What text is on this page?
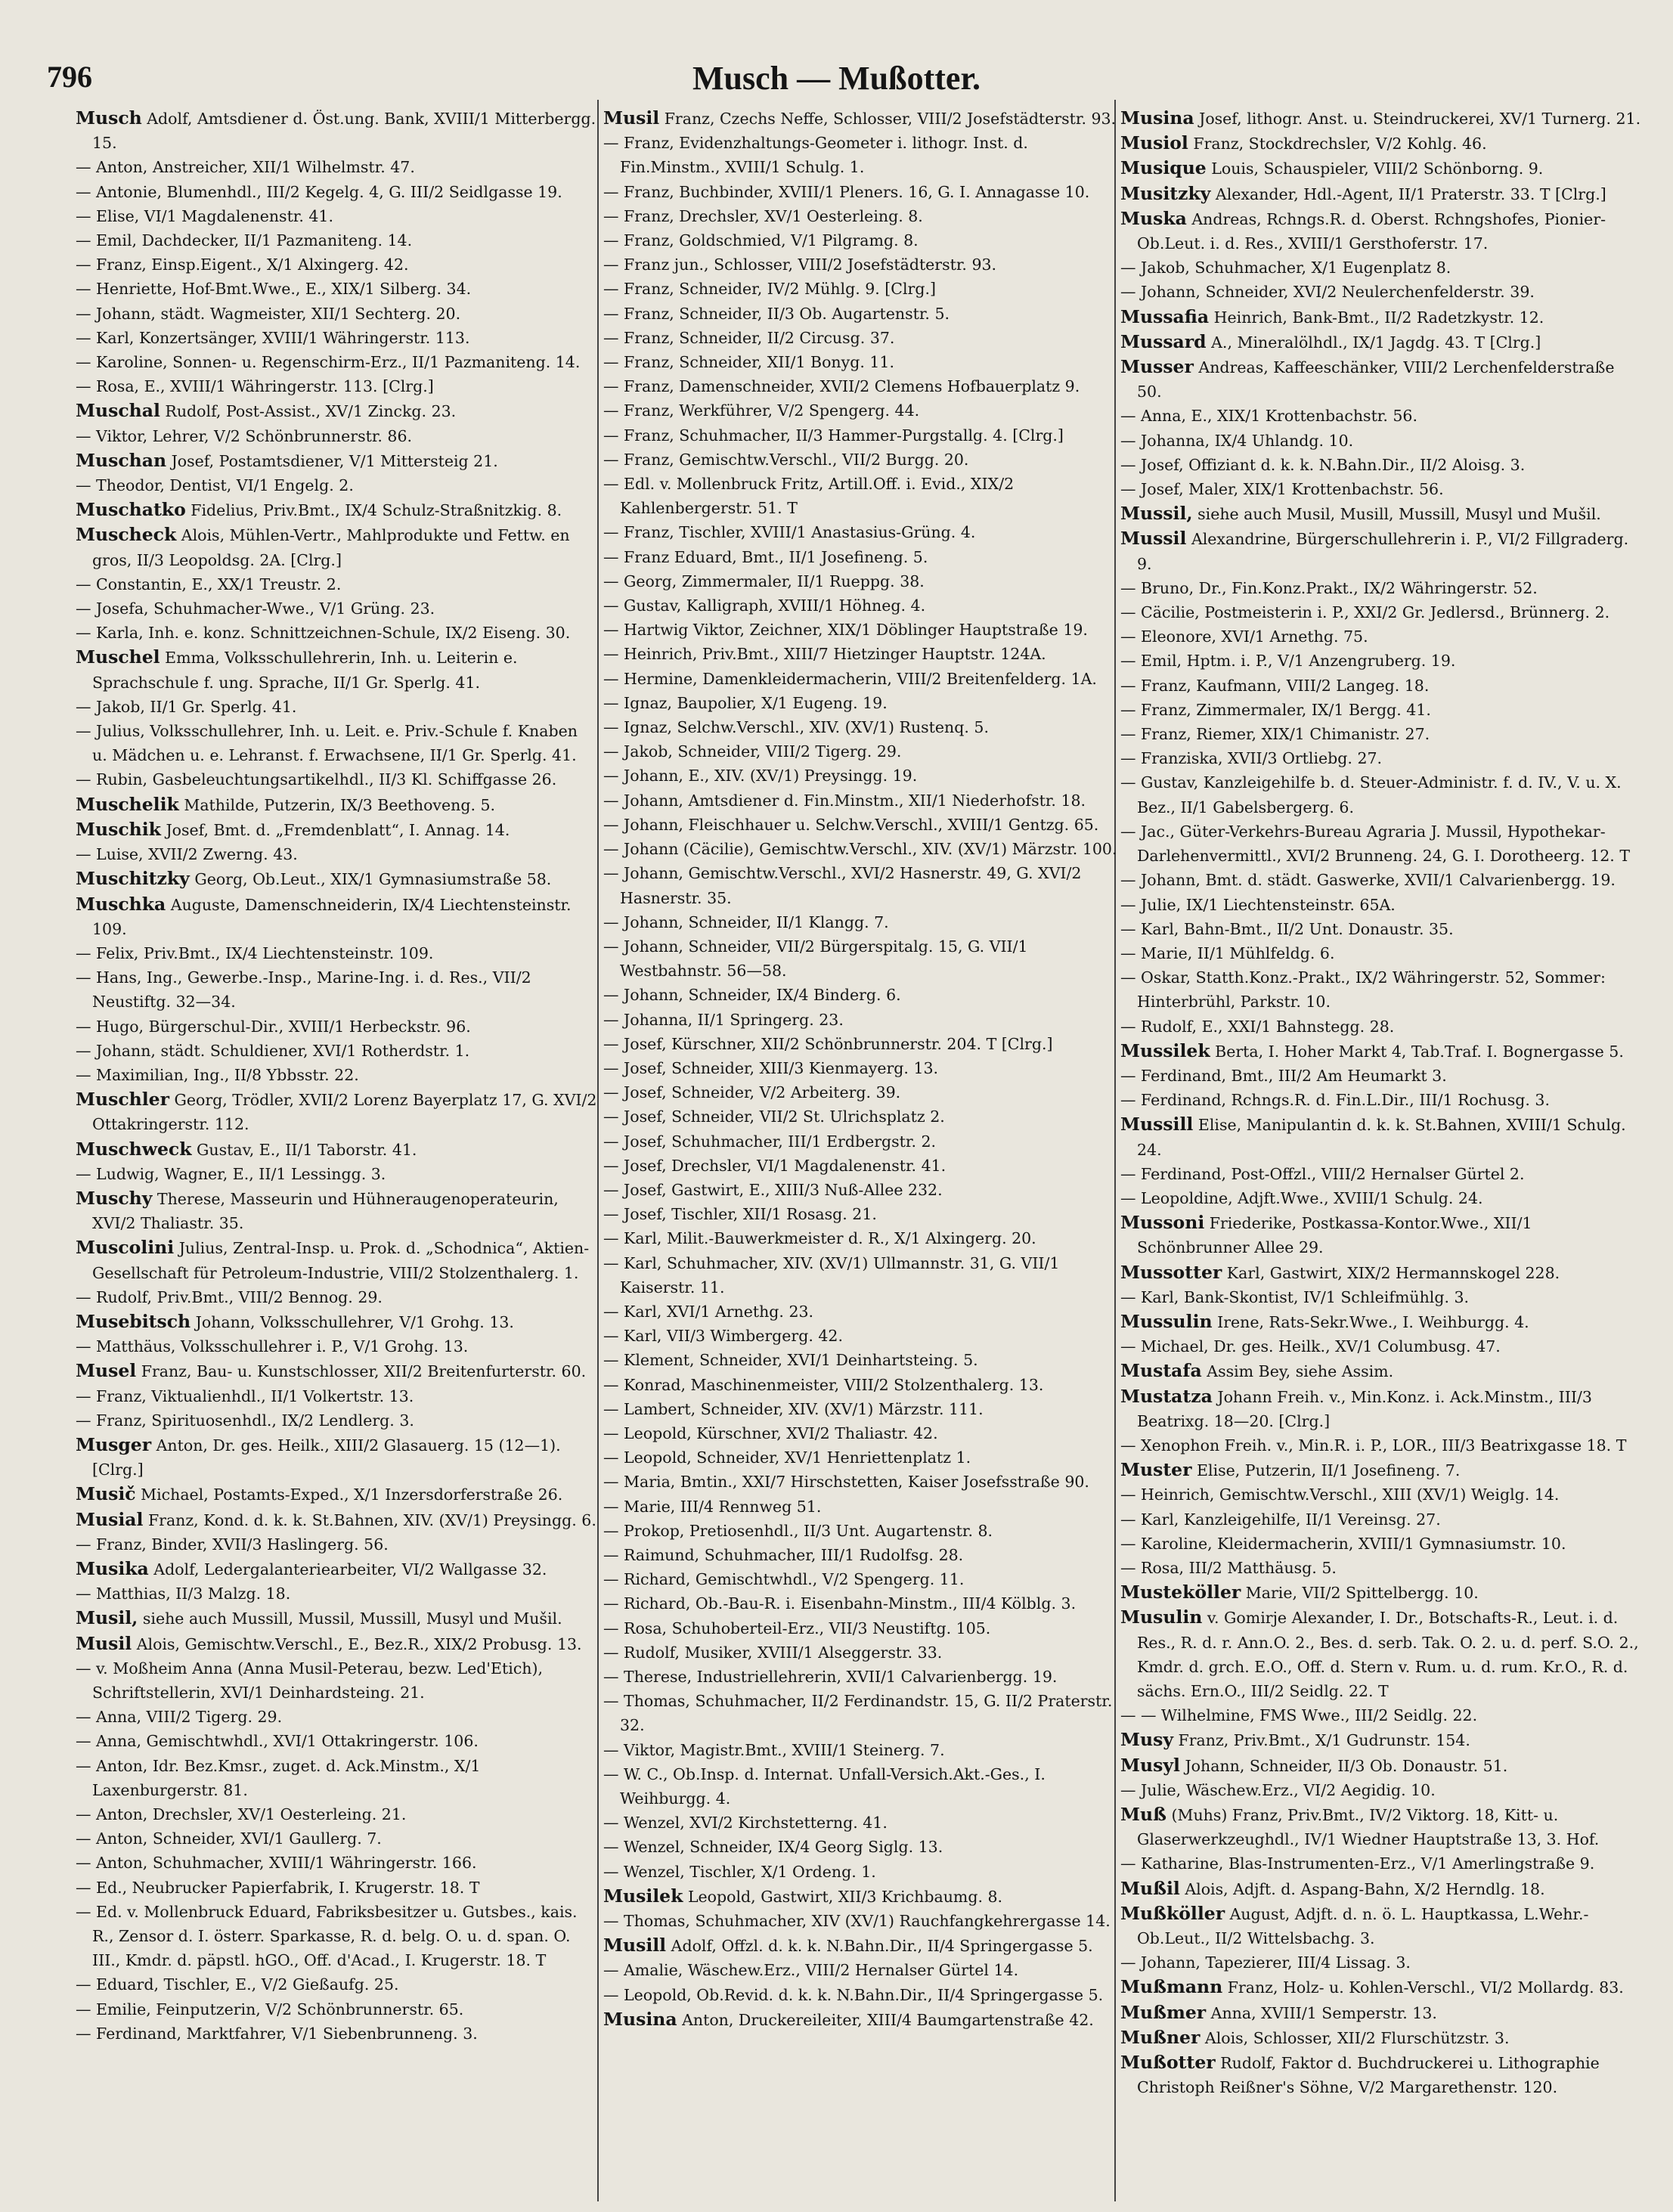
796	Musch — Mußotter.

Musch Adolf, Amtsdiener d. Öst.ung. Bank, XVIII/1 Mitterbergg. 15.

— Anton, Anstreicher, XII/1 Wilhelmstr. 47.

— Antonie, Blumenhdl., III/2 Kegelg. 4, G. III/2 Seidlgasse 19.

— Elise, VI/1 Magdalenenstr. 41.

— Emil, Dachdecker, II/1 Pazmaniteng. 14.

— Franz, Einsp.Eigent., X/1 Alxingerg. 42.

— Henriette, Hof-Bmt.Wwe., E., XIX/1 Silberg. 34.

— Johann, städt. Wagmeister, XII/1 Sechterg. 20.

— Karl, Konzertsänger, XVIII/1 Währingerstr. 113.

— Karoline, Sonnen- u. Regenschirm-Erz., II/1 Pazmaniteng. 14.

— Rosa, E., XVIII/1 Währingerstr. 113. [Clrg.]

Muschal Rudolf, Post-Assist., XV/1 Zinckg. 23.

— Viktor, Lehrer, V/2 Schönbrunnerstr. 86.

Muschan Josef, Postamtsdiener, V/1 Mittersteig 21.

— Theodor, Dentist, VI/1 Engelg. 2.

Muschatko Fidelius, Priv.Bmt., IX/4 Schulz-Straßnitzkig. 8.

Muscheck Alois, Mühlen-Vertr., Mahlprodukte und Fettw. en gros, II/3 Leopoldsg. 2A. [Clrg.]

— Constantin, E., XX/1 Treustr. 2.

— Josefa, Schuhmacher-Wwe., V/1 Grüng. 23.

— Karla, Inh. e. konz. Schnittzeichnen-Schule, IX/2 Eiseng. 30.

Muschel Emma, Volksschullehrerin, Inh. u. Leiterin e. Sprachschule f. ung. Sprache, II/1 Gr. Sperlg. 41.

— Jakob, II/1 Gr. Sperlg. 41.

— Julius, Volksschullehrer, Inh. u. Leit. e. Priv.-Schule f. Knaben u. Mädchen u. e. Lehranst. f. Erwachsene, II/1 Gr. Sperlg. 41.

— Rubin, Gasbeleuchtungsartikelhdl., II/3 Kl. Schiffgasse 26.

Muschelik Mathilde, Putzerin, IX/3 Beethoveng. 5.

Muschik Josef, Bmt. d. „Fremdenblatt“, I. Annag. 14.

— Luise, XVII/2 Zwerng. 43.

Muschitzky Georg, Ob.Leut., XIX/1 Gymnasiumstraße 58.

Muschka Auguste, Damenschneiderin, IX/4 Liechtensteinstr. 109.

— Felix, Priv.Bmt., IX/4 Liechtensteinstr. 109.

— Hans, Ing., Gewerbe.-Insp., Marine-Ing. i. d. Res., VII/2 Neustiftg. 32—34.

— Hugo, Bürgerschul-Dir., XVIII/1 Herbeckstr. 96.

— Johann, städt. Schuldiener, XVI/1 Rotherdstr. 1.

— Maximilian, Ing., II/8 Ybbsstr. 22.

Muschler Georg, Trödler, XVII/2 Lorenz Bayerplatz 17, G. XVI/2 Ottakringerstr. 112.

Muschweck Gustav, E., II/1 Taborstr. 41.

— Ludwig, Wagner, E., II/1 Lessingg. 3.

Muschy Therese, Masseurin und Hühneraugenoperateurin, XVI/2 Thaliastr. 35.

Muscolini Julius, Zentral-Insp. u. Prok. d. „Schodnica“, Aktien-Gesellschaft für Petroleum-Industrie, VIII/2 Stolzenthalerg. 1.

— Rudolf, Priv.Bmt., VIII/2 Bennog. 29.

Musebitsch Johann, Volksschullehrer, V/1 Grohg. 13.

— Matthäus, Volksschullehrer i. P., V/1 Grohg. 13.

Musel Franz, Bau- u. Kunstschlosser, XII/2 Breitenfurterstr. 60.

— Franz, Viktualienhdl., II/1 Volkertstr. 13.

— Franz, Spirituosenhdl., IX/2 Lendlerg. 3.

Musger Anton, Dr. ges. Heilk., XIII/2 Glasauerg. 15 (12—1). [Clrg.]

Musič Michael, Postamts-Exped., X/1 Inzersdorferstraße 26.

Musial Franz, Kond. d. k. k. St.Bahnen, XIV. (XV/1) Preysingg. 6.

— Franz, Binder, XVII/3 Haslingerg. 56.

Musika Adolf, Ledergalanteriearbeiter, VI/2 Wallgasse 32.

— Matthias, II/3 Malzg. 18.

Musil, siehe auch Mussill, Mussil, Mussill, Musyl und Mušil.

Musil Alois, Gemischtw.Verschl., E., Bez.R., XIX/2 Probusg. 13.

— v. Moßheim Anna (Anna Musil-Peterau, bezw. Led'Etich), Schriftstellerin, XVI/1 Deinhardsteing. 21.

— Anna, VIII/2 Tigerg. 29.

— Anna, Gemischtwhdl., XVI/1 Ottakringerstr. 106.

— Anton, Idr. Bez.Kmsr., zuget. d. Ack.Minstm., X/1 Laxenburgerstr. 81.

— Anton, Drechsler, XV/1 Oesterleing. 21.

— Anton, Schneider, XVI/1 Gaullerg. 7.

— Anton, Schuhmacher, XVIII/1 Währingerstr. 166.

— Ed., Neubrucker Papierfabrik, I. Krugerstr. 18. T

— Ed. v. Mollenbruck Eduard, Fabriksbesitzer u. Gutsbes., kais. R., Zensor d. I. österr. Sparkasse, R. d. belg. O. u. d. span. O. III., Kmdr. d. päpstl. hGO., Off. d'Acad., I. Krugerstr. 18. T

— Eduard, Tischler, E., V/2 Gießaufg. 25.

— Emilie, Feinputzerin, V/2 Schönbrunnerstr. 65.

— Ferdinand, Marktfahrer, V/1 Siebenbrunneng. 3.

Musil Franz, Czechs Neffe, Schlosser, VIII/2 Josefstädterstr. 93.

— Franz, Evidenzhaltungs-Geometer i. lithogr. Inst. d. Fin.Minstm., XVIII/1 Schulg. 1.

— Franz, Buchbinder, XVIII/1 Pleners. 16, G. I. Annagasse 10.

— Franz, Drechsler, XV/1 Oesterleing. 8.

— Franz, Goldschmied, V/1 Pilgramg. 8.

— Franz jun., Schlosser, VIII/2 Josefstädterstr. 93.

— Franz, Schneider, IV/2 Mühlg. 9. [Clrg.]

— Franz, Schneider, II/3 Ob. Augartenstr. 5.

— Franz, Schneider, II/2 Circusg. 37.

— Franz, Schneider, XII/1 Bonyg. 11.

— Franz, Damenschneider, XVII/2 Clemens Hofbauerplatz 9.

— Franz, Werkführer, V/2 Spengerg. 44.

— Franz, Schuhmacher, II/3 Hammer-Purgstallg. 4. [Clrg.]

— Franz, Gemischtw.Verschl., VII/2 Burgg. 20.

— Edl. v. Mollenbruck Fritz, Artill.Off. i. Evid., XIX/2 Kahlenbergerstr. 51. T

— Franz, Tischler, XVIII/1 Anastasius-Grüng. 4.

— Franz Eduard, Bmt., II/1 Josefineng. 5.

— Georg, Zimmermaler, II/1 Rueppg. 38.

— Gustav, Kalligraph, XVIII/1 Höhneg. 4.

— Hartwig Viktor, Zeichner, XIX/1 Döblinger Hauptstraße 19.

— Heinrich, Priv.Bmt., XIII/7 Hietzinger Hauptstr. 124A.

— Hermine, Damenkleidermacherin, VIII/2 Breitenfelderg. 1A.

— Ignaz, Baupolier, X/1 Eugeng. 19.

— Ignaz, Selchw.Verschl., XIV. (XV/1) Rustenq. 5.

— Jakob, Schneider, VIII/2 Tigerg. 29.

— Johann, E., XIV. (XV/1) Preysingg. 19.

— Johann, Amtsdiener d. Fin.Minstm., XII/1 Niederhofstr. 18.

— Johann, Fleischhauer u. Selchw.Verschl., XVIII/1 Gentzg. 65.

— Johann (Cäcilie), Gemischtw.Verschl., XIV. (XV/1) Märzstr. 100.

— Johann, Gemischtw.Verschl., XVI/2 Hasnerstr. 49, G. XVI/2 Hasnerstr. 35.

— Johann, Schneider, II/1 Klangg. 7.

— Johann, Schneider, VII/2 Bürgerspitalg. 15, G. VII/1 Westbahnstr. 56—58.

— Johann, Schneider, IX/4 Binderg. 6.

— Johanna, II/1 Springerg. 23.

— Josef, Kürschner, XII/2 Schönbrunnerstr. 204. T [Clrg.]

— Josef, Schneider, XIII/3 Kienmayerg. 13.

— Josef, Schneider, V/2 Arbeiterg. 39.

— Josef, Schneider, VII/2 St. Ulrichsplatz 2.

— Josef, Schuhmacher, III/1 Erdbergstr. 2.

— Josef, Drechsler, VI/1 Magdalenenstr. 41.

— Josef, Gastwirt, E., XIII/3 Nuß-Allee 232.

— Josef, Tischler, XII/1 Rosasg. 21.

— Karl, Milit.-Bauwerkmeister d. R., X/1 Alxingerg. 20.

— Karl, Schuhmacher, XIV. (XV/1) Ullmannstr. 31, G. VII/1 Kaiserstr. 11.

— Karl, XVI/1 Arnethg. 23.

— Karl, VII/3 Wimbergerg. 42.

— Klement, Schneider, XVI/1 Deinhartsteing. 5.

— Konrad, Maschinenmeister, VIII/2 Stolzenthalerg. 13.

— Lambert, Schneider, XIV. (XV/1) Märzstr. 111.

— Leopold, Kürschner, XVI/2 Thaliastr. 42.

— Leopold, Schneider, XV/1 Henriettenplatz 1.

— Maria, Bmtin., XXI/7 Hirschstetten, Kaiser Josefsstraße 90.

— Marie, III/4 Rennweg 51.

— Prokop, Pretiosenhdl., II/3 Unt. Augartenstr. 8.

— Raimund, Schuhmacher, III/1 Rudolfsg. 28.

— Richard, Gemischtwhdl., V/2 Spengerg. 11.

— Richard, Ob.-Bau-R. i. Eisenbahn-Minstm., III/4 Kölblg. 3.

— Rosa, Schuhoberteil-Erz., VII/3 Neustiftg. 105.

— Rudolf, Musiker, XVIII/1 Alseggerstr. 33.

— Therese, Industriellehrerin, XVII/1 Calvarienbergg. 19.

— Thomas, Schuhmacher, II/2 Ferdinandstr. 15, G. II/2 Praterstr. 32.

— Viktor, Magistr.Bmt., XVIII/1 Steinerg. 7.

— W. C., Ob.Insp. d. Internat. Unfall-Versich.Akt.-Ges., I. Weihburgg. 4.

— Wenzel, XVI/2 Kirchstetterng. 41.

— Wenzel, Schneider, IX/4 Georg Siglg. 13.

— Wenzel, Tischler, X/1 Ordeng. 1.

Musilek Leopold, Gastwirt, XII/3 Krichbaumg. 8.

— Thomas, Schuhmacher, XIV (XV/1) Rauchfangkehrergasse 14.

Musill Adolf, Offzl. d. k. k. N.Bahn.Dir., II/4 Springergasse 5.

— Amalie, Wäschew.Erz., VIII/2 Hernalser Gürtel 14.

— Leopold, Ob.Revid. d. k. k. N.Bahn.Dir., II/4 Springergasse 5.

Musina Anton, Druckereileiter, XIII/4 Baumgartenstraße 42.

Musina Josef, lithogr. Anst. u. Steindruckerei, XV/1 Turnerg. 21.

Musiol Franz, Stockdrechsler, V/2 Kohlg. 46.

Musique Louis, Schauspieler, VIII/2 Schönborng. 9.

Musitzky Alexander, Hdl.-Agent, II/1 Praterstr. 33. T [Clrg.]

Muska Andreas, Rchngs.R. d. Oberst. Rchngshofes, Pionier-Ob.Leut. i. d. Res., XVIII/1 Gersthoferstr. 17.

— Jakob, Schuhmacher, X/1 Eugenplatz 8.

— Johann, Schneider, XVI/2 Neulerchenfelderstr. 39.

Mussafia Heinrich, Bank-Bmt., II/2 Radetzkystr. 12.

Mussard A., Mineralölhdl., IX/1 Jagdg. 43. T [Clrg.]

Musser Andreas, Kaffeeschänker, VIII/2 Lerchenfelderstraße 50.

— Anna, E., XIX/1 Krottenbachstr. 56.

— Johanna, IX/4 Uhlandg. 10.

— Josef, Offiziant d. k. k. N.Bahn.Dir., II/2 Aloisg. 3.

— Josef, Maler, XIX/1 Krottenbachstr. 56.

Mussil, siehe auch Musil, Musill, Mussill, Musyl und Mušil.

Mussil Alexandrine, Bürgerschullehrerin i. P., VI/2 Fillgraderg. 9.

— Bruno, Dr., Fin.Konz.Prakt., IX/2 Währingerstr. 52.

— Cäcilie, Postmeisterin i. P., XXI/2 Gr. Jedlersd., Brünnerg. 2.

— Eleonore, XVI/1 Arnethg. 75.

— Emil, Hptm. i. P., V/1 Anzengruberg. 19.

— Franz, Kaufmann, VIII/2 Langeg. 18.

— Franz, Zimmermaler, IX/1 Bergg. 41.

— Franz, Riemer, XIX/1 Chimanistr. 27.

— Franziska, XVII/3 Ortliebg. 27.

— Gustav, Kanzleigehilfe b. d. Steuer-Administr. f. d. IV., V. u. X. Bez., II/1 Gabelsbergerg. 6.

— Jac., Güter-Verkehrs-Bureau Agraria J. Mussil, Hypothekar-Darlehenvermittl., XVI/2 Brunneng. 24, G. I. Dorotheerg. 12. T

— Johann, Bmt. d. städt. Gaswerke, XVII/1 Calvarienbergg. 19.

— Julie, IX/1 Liechtensteinstr. 65A.

— Karl, Bahn-Bmt., II/2 Unt. Donaustr. 35.

— Marie, II/1 Mühlfeldg. 6.

— Oskar, Statth.Konz.-Prakt., IX/2 Währingerstr. 52, Sommer: Hinterbrühl, Parkstr. 10.

— Rudolf, E., XXI/1 Bahnstegg. 28.

Mussilek Berta, I. Hoher Markt 4, Tab.Traf. I. Bognergasse 5.

— Ferdinand, Bmt., III/2 Am Heumarkt 3.

— Ferdinand, Rchngs.R. d. Fin.L.Dir., III/1 Rochusg. 3.

Mussill Elise, Manipulantin d. k. k. St.Bahnen, XVIII/1 Schulg. 24.

— Ferdinand, Post-Offzl., VIII/2 Hernalser Gürtel 2.

— Leopoldine, Adjft.Wwe., XVIII/1 Schulg. 24.

Mussoni Friederike, Postkassa-Kontor.Wwe., XII/1 Schönbrunner Allee 29.

Mussotter Karl, Gastwirt, XIX/2 Hermannskogel 228.

— Karl, Bank-Skontist, IV/1 Schleifmühlg. 3.

Mussulin Irene, Rats-Sekr.Wwe., I. Weihburgg. 4.

— Michael, Dr. ges. Heilk., XV/1 Columbusg. 47.

Mustafa Assim Bey, siehe Assim.

Mustatza Johann Freih. v., Min.Konz. i. Ack.Minstm., III/3 Beatrixg. 18—20. [Clrg.]

— Xenophon Freih. v., Min.R. i. P., LOR., III/3 Beatrixgasse 18. T

Muster Elise, Putzerin, II/1 Josefineng. 7.

— Heinrich, Gemischtw.Verschl., XIII (XV/1) Weiglg. 14.

— Karl, Kanzleigehilfe, II/1 Vereinsg. 27.

— Karoline, Kleidermacherin, XVIII/1 Gymnasiumstr. 10.

— Rosa, III/2 Matthäusg. 5.

Musteköller Marie, VII/2 Spittelbergg. 10.

Musulin v. Gomirje Alexander, I. Dr., Botschafts-R., Leut. i. d. Res., R. d. r. Ann.O. 2., Bes. d. serb. Tak. O. 2. u. d. perf. S.O. 2., Kmdr. d. grch. E.O., Off. d. Stern v. Rum. u. d. rum. Kr.O., R. d. sächs. Ern.O., III/2 Seidlg. 22. T

— — Wilhelmine, FMS Wwe., III/2 Seidlg. 22.

Musy Franz, Priv.Bmt., X/1 Gudrunstr. 154.

Musyl Johann, Schneider, II/3 Ob. Donaustr. 51.

— Julie, Wäschew.Erz., VI/2 Aegidig. 10.

Muß (Muhs) Franz, Priv.Bmt., IV/2 Viktorg. 18, Kitt- u. Glaserwerkzeughdl., IV/1 Wiedner Hauptstraße 13, 3. Hof.

— Katharine, Blas-Instrumenten-Erz., V/1 Amerlingstraße 9.

Mußil Alois, Adjft. d. Aspang-Bahn, X/2 Herndlg. 18.

Mußköller August, Adjft. d. n. ö. L. Hauptkassa, L.Wehr.-Ob.Leut., II/2 Wittelsbachg. 3.

— Johann, Tapezierer, III/4 Lissag. 3.

Mußmann Franz, Holz- u. Kohlen-Verschl., VI/2 Mollardg. 83.

Mußmer Anna, XVIII/1 Semperstr. 13.

Mußner Alois, Schlosser, XII/2 Flurschützstr. 3.

Mußotter Rudolf, Faktor d. Buchdruckerei u. Lithographie Christoph Reißner's Söhne, V/2 Margarethenstr. 120.
